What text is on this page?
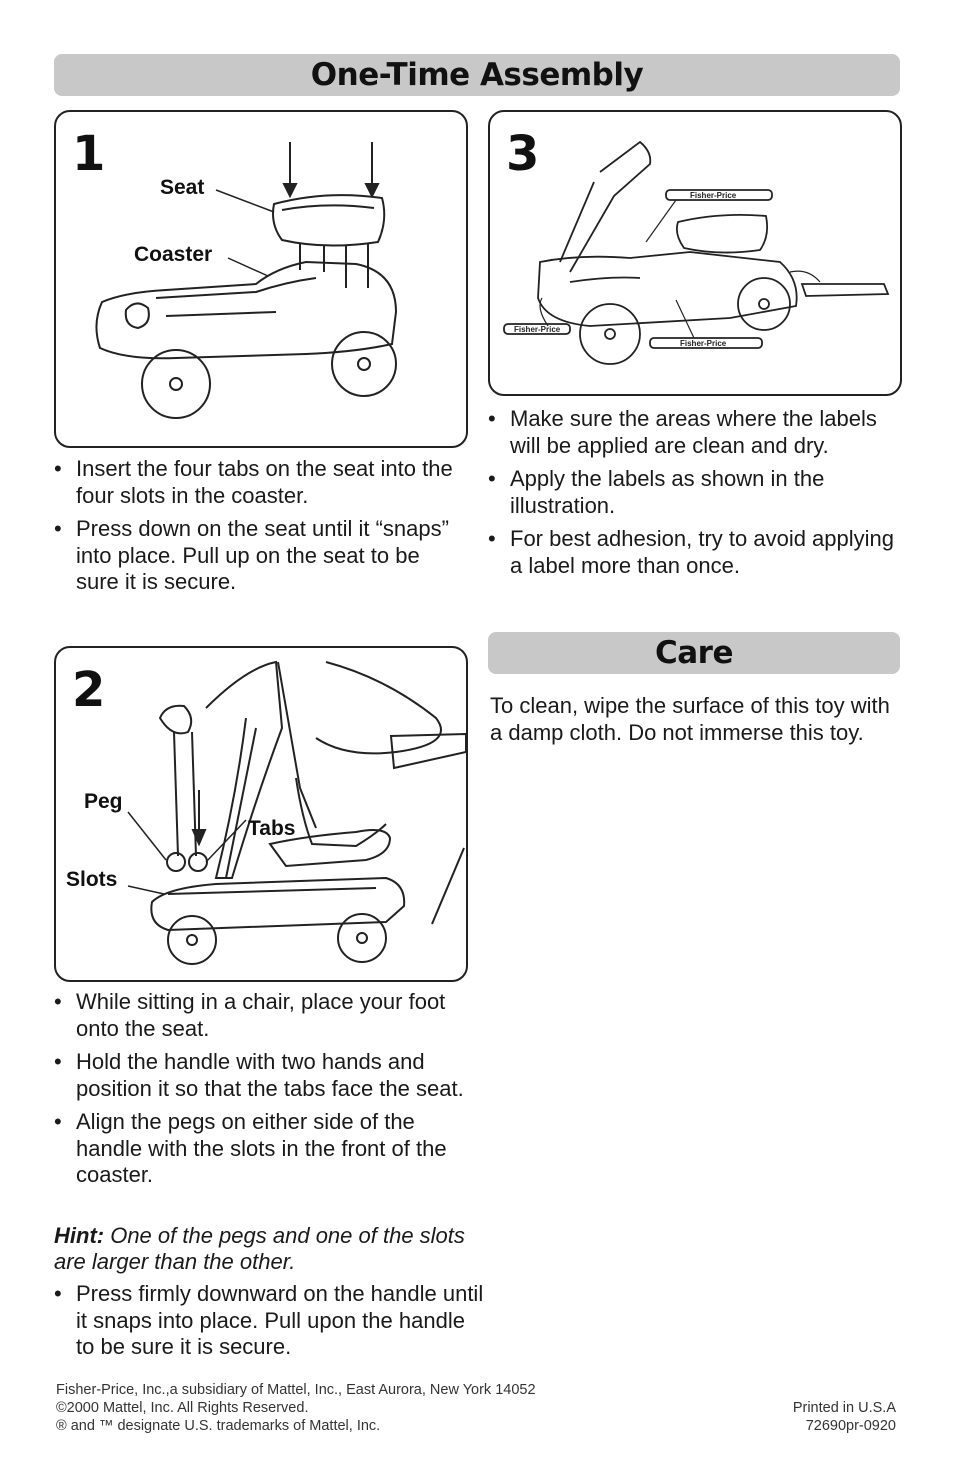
One-Time Assembly
1
Seat
Coaster
• Insert the four tabs on the seat into the four slots in the coaster.
• Press down on the seat until it “snaps” into place. Pull up on the seat to be sure it is secure.
3
Fisher-Price
Fisher-Price
Fisher-Price
• Make sure the areas where the labels will be applied are clean and dry.
• Apply the labels as shown in the illustration.
• For best adhesion, try to avoid applying a label more than once.
Care
To clean, wipe the surface of this toy with a damp cloth. Do not immerse this toy.
2
Peg
Tabs
Slots
• While sitting in a chair, place your foot onto the seat.
• Hold the handle with two hands and position it so that the tabs face the seat.
• Align the pegs on either side of the handle with the slots in the front of the coaster.
Hint: One of the pegs and one of the slots are larger than the other.
• Press firmly downward on the handle until it snaps into place. Pull upon the handle to be sure it is secure.
Fisher-Price, Inc.,a subsidiary of Mattel, Inc., East Aurora, New York 14052
©2000 Mattel, Inc. All Rights Reserved.
® and ™ designate U.S. trademarks of Mattel, Inc.
Printed in U.S.A
72690pr-0920
